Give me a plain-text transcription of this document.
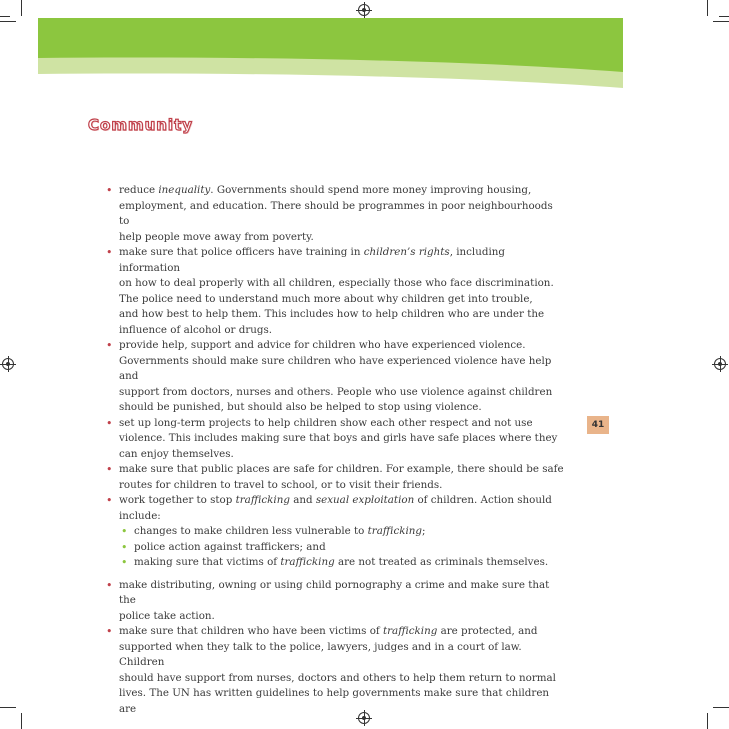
Community
• reduce inequality. Governments should spend more money improving housing,
employment, and education. There should be programmes in poor neighbourhoods to
help people move away from poverty.
• make sure that police officers have training in children’s rights, including information
on how to deal properly with all children, especially those who face discrimination.
The police need to understand much more about why children get into trouble,
and how best to help them. This includes how to help children who are under the
influence of alcohol or drugs.
• provide help, support and advice for children who have experienced violence.
Governments should make sure children who have experienced violence have help and
support from doctors, nurses and others. People who use violence against children
should be punished, but should also be helped to stop using violence.
• set up long-term projects to help children show each other respect and not use
violence. This includes making sure that boys and girls have safe places where they
can enjoy themselves.
• make sure that public places are safe for children. For example, there should be safe
routes for children to travel to school, or to visit their friends.
• work together to stop trafficking and sexual exploitation of children. Action should
include:
• changes to make children less vulnerable to trafficking;
• police action against traffickers; and
• making sure that victims of trafficking are not treated as criminals themselves.
• make distributing, owning or using child pornography a crime and make sure that the
police take action.
• make sure that children who have been victims of trafficking are protected, and
supported when they talk to the police, lawyers, judges and in a court of law. Children
should have support from nurses, doctors and others to help them return to normal
lives. The UN has written guidelines to help governments make sure that children are
41
